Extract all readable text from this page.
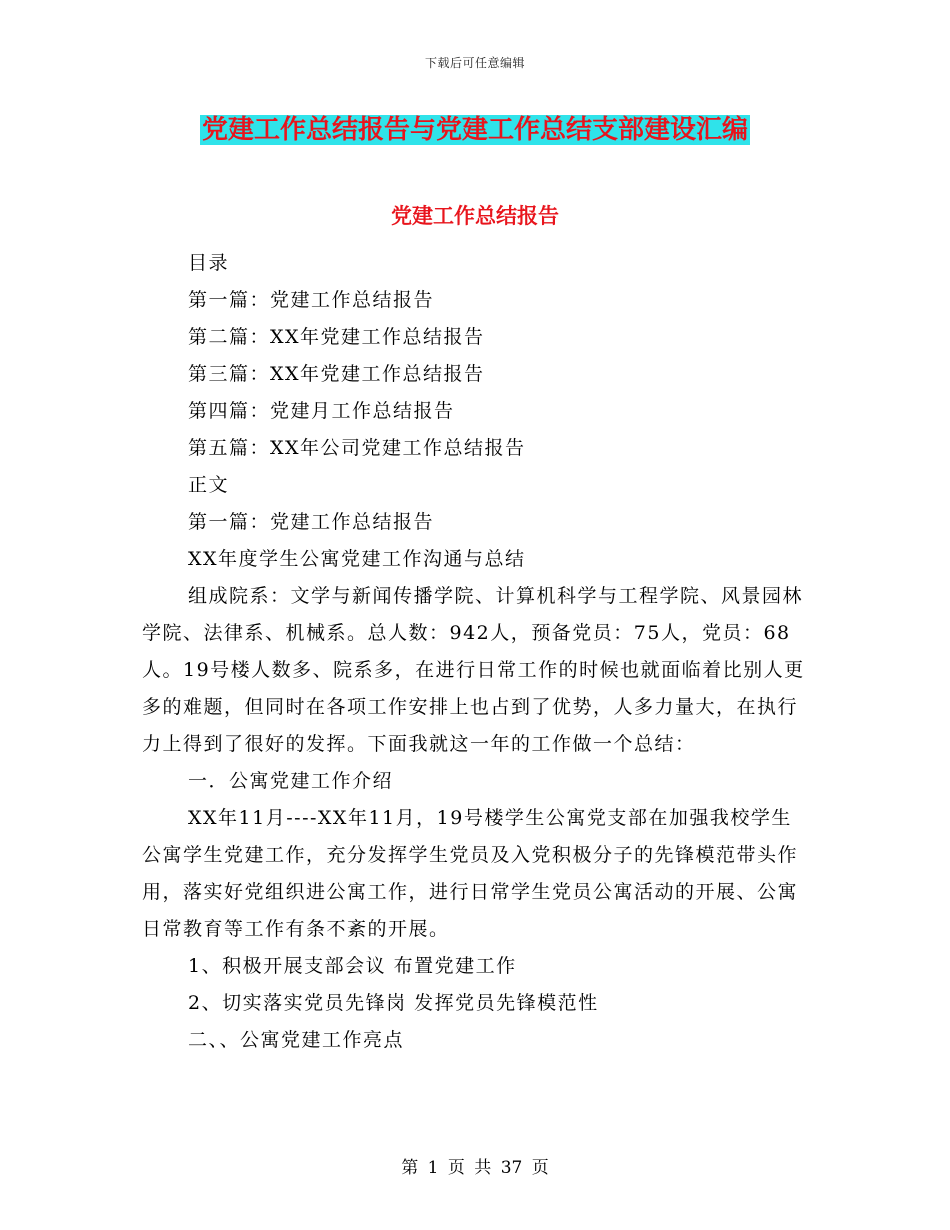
下载后可任意编辑
党建工作总结报告与党建工作总结支部建设汇编
党建工作总结报告

目录

第一篇：党建工作总结报告

第二篇：XX年党建工作总结报告

第三篇：XX年党建工作总结报告

第四篇：党建月工作总结报告

第五篇：XX年公司党建工作总结报告

正文

第一篇：党建工作总结报告

XX年度学生公寓党建工作沟通与总结

组成院系：文学与新闻传播学院、计算机科学与工程学院、风景园林学院、法律系、机械系。总人数：942人，预备党员：75人，党员：68人。19号楼人数多、院系多，在进行日常工作的时候也就面临着比别人更多的难题，但同时在各项工作安排上也占到了优势，人多力量大，在执行力上得到了很好的发挥。下面我就这一年的工作做一个总结：

一．公寓党建工作介绍

XX年11月----XX年11月，19号楼学生公寓党支部在加强我校学生公寓学生党建工作，充分发挥学生党员及入党积极分子的先锋模范带头作用，落实好党组织进公寓工作，进行日常学生党员公寓活动的开展、公寓日常教育等工作有条不紊的开展。

1、积极开展支部会议 布置党建工作

2、切实落实党员先锋岗 发挥党员先锋模范性

二、、公寓党建工作亮点

第 1 页 共 37 页
